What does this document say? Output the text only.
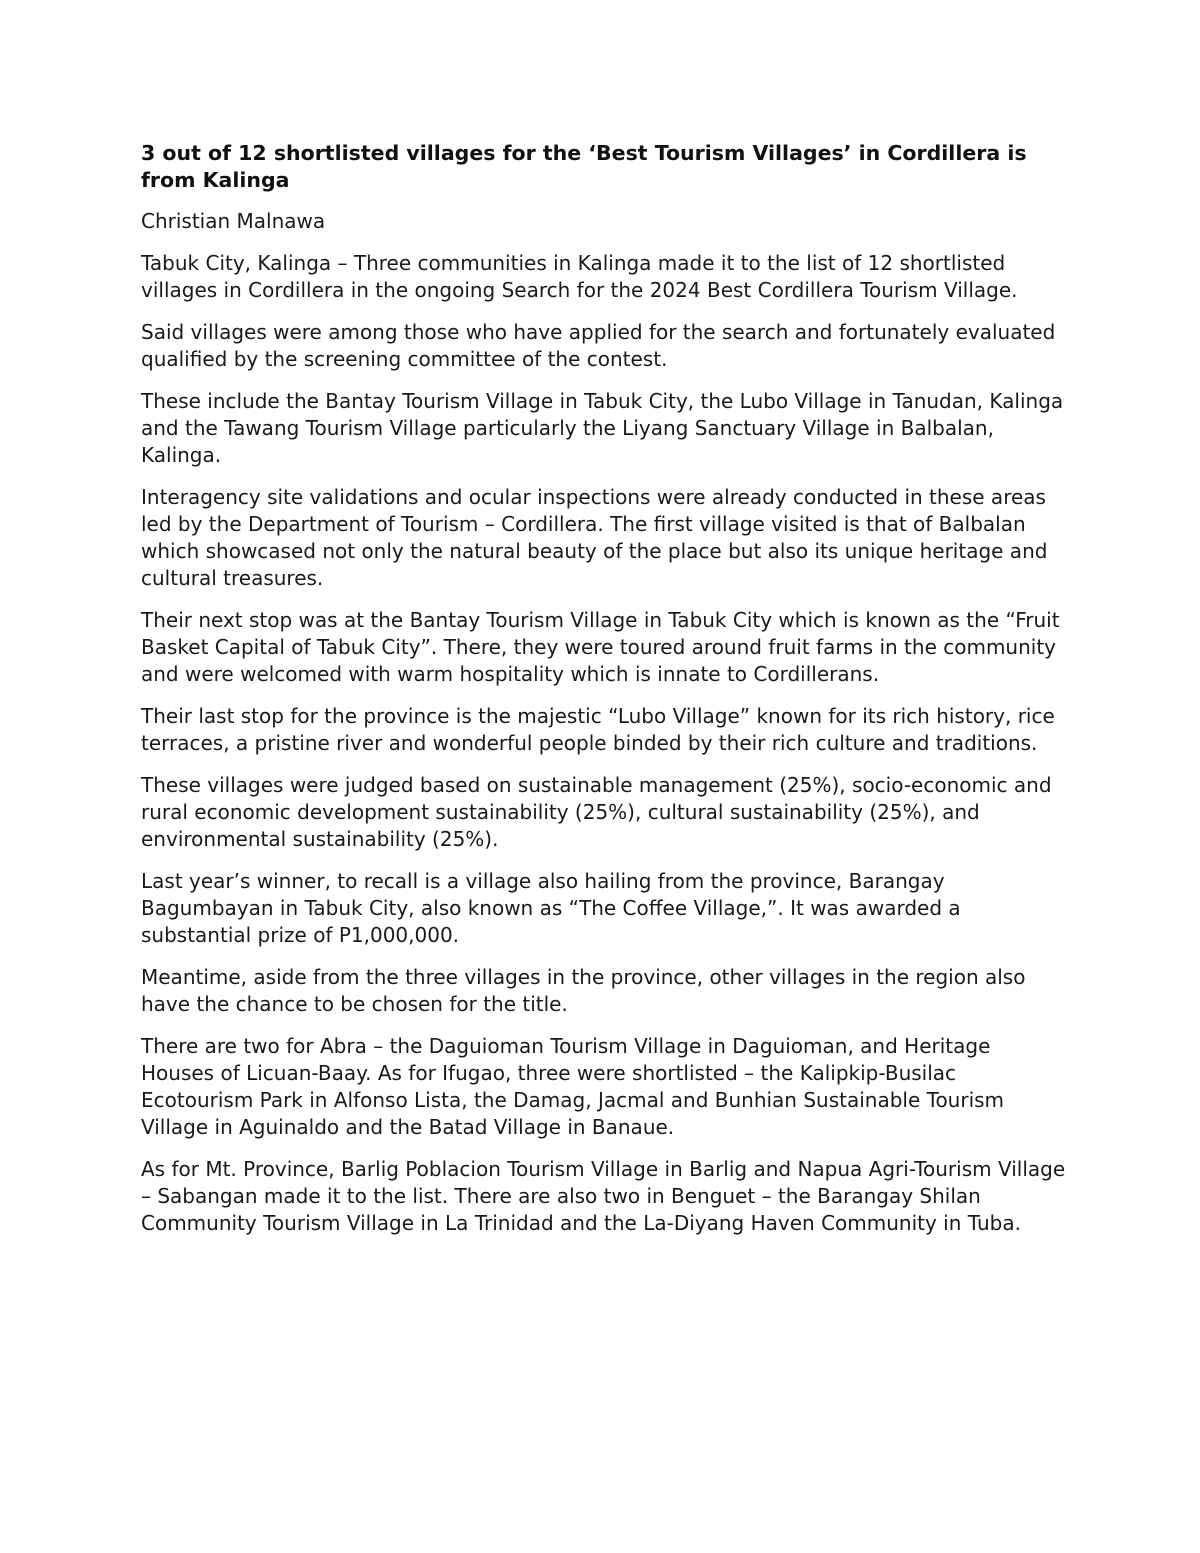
3 out of 12 shortlisted villages for the ‘Best Tourism Villages’ in Cordillera is from Kalinga

Christian Malnawa

Tabuk City, Kalinga – Three communities in Kalinga made it to the list of 12 shortlisted villages in Cordillera in the ongoing Search for the 2024 Best Cordillera Tourism Village.

Said villages were among those who have applied for the search and fortunately evaluated qualified by the screening committee of the contest.

These include the Bantay Tourism Village in Tabuk City, the Lubo Village in Tanudan, Kalinga and the Tawang Tourism Village particularly the Liyang Sanctuary Village in Balbalan, Kalinga.

Interagency site validations and ocular inspections were already conducted in these areas led by the Department of Tourism – Cordillera. The first village visited is that of Balbalan which showcased not only the natural beauty of the place but also its unique heritage and cultural treasures.

Their next stop was at the Bantay Tourism Village in Tabuk City which is known as the “Fruit Basket Capital of Tabuk City”. There, they were toured around fruit farms in the community and were welcomed with warm hospitality which is innate to Cordillerans.

Their last stop for the province is the majestic “Lubo Village” known for its rich history, rice terraces, a pristine river and wonderful people binded by their rich culture and traditions.

These villages were judged based on sustainable management (25%), socio-economic and rural economic development sustainability (25%), cultural sustainability (25%), and environmental sustainability (25%).

Last year’s winner, to recall is a village also hailing from the province, Barangay Bagumbayan in Tabuk City, also known as “The Coffee Village,”. It was awarded a substantial prize of P1,000,000.

Meantime, aside from the three villages in the province, other villages in the region also have the chance to be chosen for the title.

There are two for Abra – the Daguioman Tourism Village in Daguioman, and Heritage Houses of Licuan-Baay. As for Ifugao, three were shortlisted – the Kalipkip-Busilac Ecotourism Park in Alfonso Lista, the Damag, Jacmal and Bunhian Sustainable Tourism Village in Aguinaldo and the Batad Village in Banaue.

As for Mt. Province, Barlig Poblacion Tourism Village in Barlig and Napua Agri-Tourism Village – Sabangan made it to the list. There are also two in Benguet – the Barangay Shilan Community Tourism Village in La Trinidad and the La-Diyang Haven Community in Tuba.
